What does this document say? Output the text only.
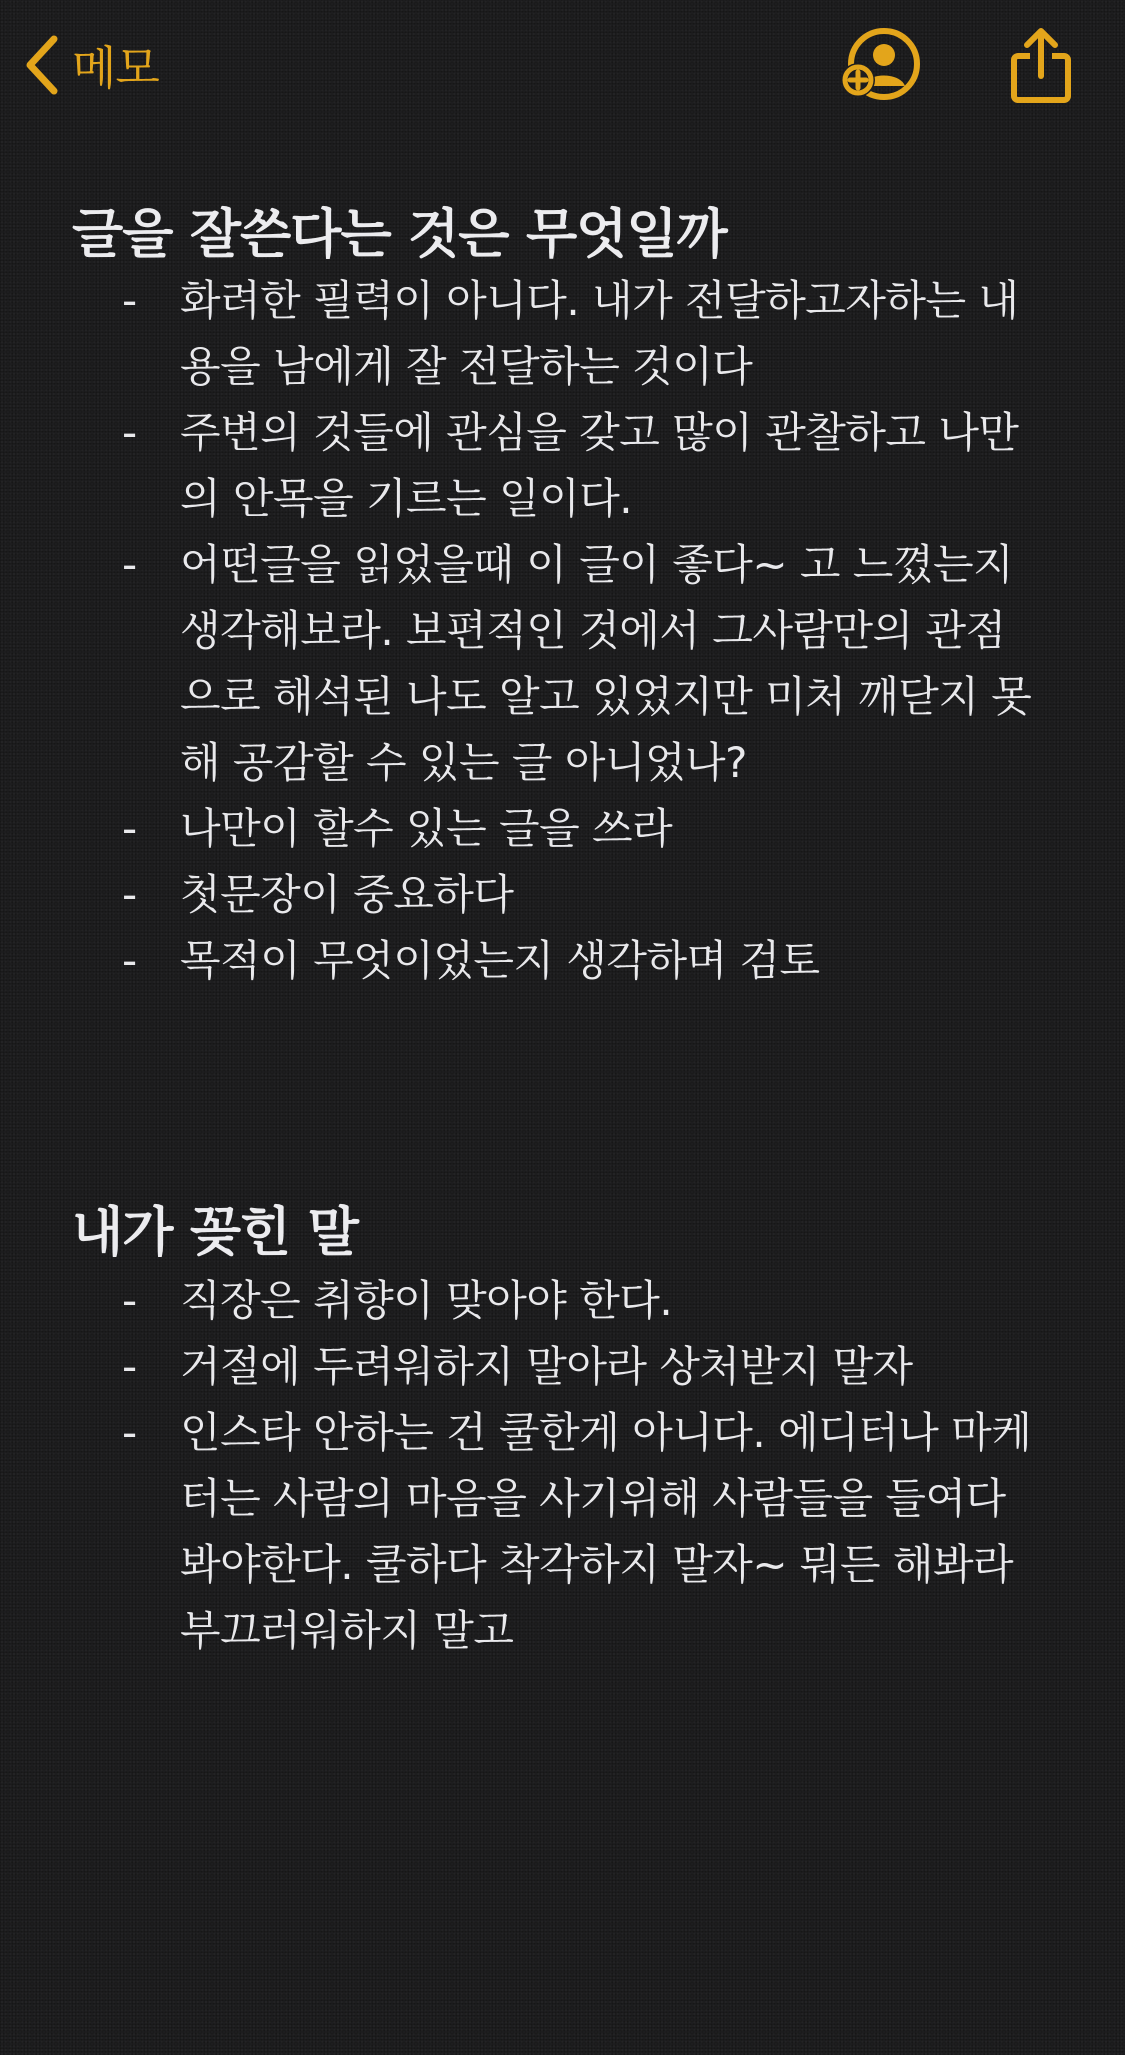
메모
글을 잘쓴다는 것은 무엇일까
- 화려한 필력이 아니다. 내가 전달하고자하는 내용을 남에게 잘 전달하는 것이다
- 주변의 것들에 관심을 갖고 많이 관찰하고 나만의 안목을 기르는 일이다.
- 어떤글을 읽었을때 이 글이 좋다~ 고 느꼈는지 생각해보라. 보편적인 것에서 그사람만의 관점으로 해석된 나도 알고 있었지만 미처 깨닫지 못해 공감할 수 있는 글 아니었나?
- 나만이 할수 있는 글을 쓰라
- 첫문장이 중요하다
- 목적이 무엇이었는지 생각하며 검토
내가 꽂힌 말
- 직장은 취향이 맞아야 한다.
- 거절에 두려워하지 말아라 상처받지 말자
- 인스타 안하는 건 쿨한게 아니다. 에디터나 마케터는 사람의 마음을 사기위해 사람들을 들여다봐야한다. 쿨하다 착각하지 말자~ 뭐든 해봐라 부끄러워하지 말고
